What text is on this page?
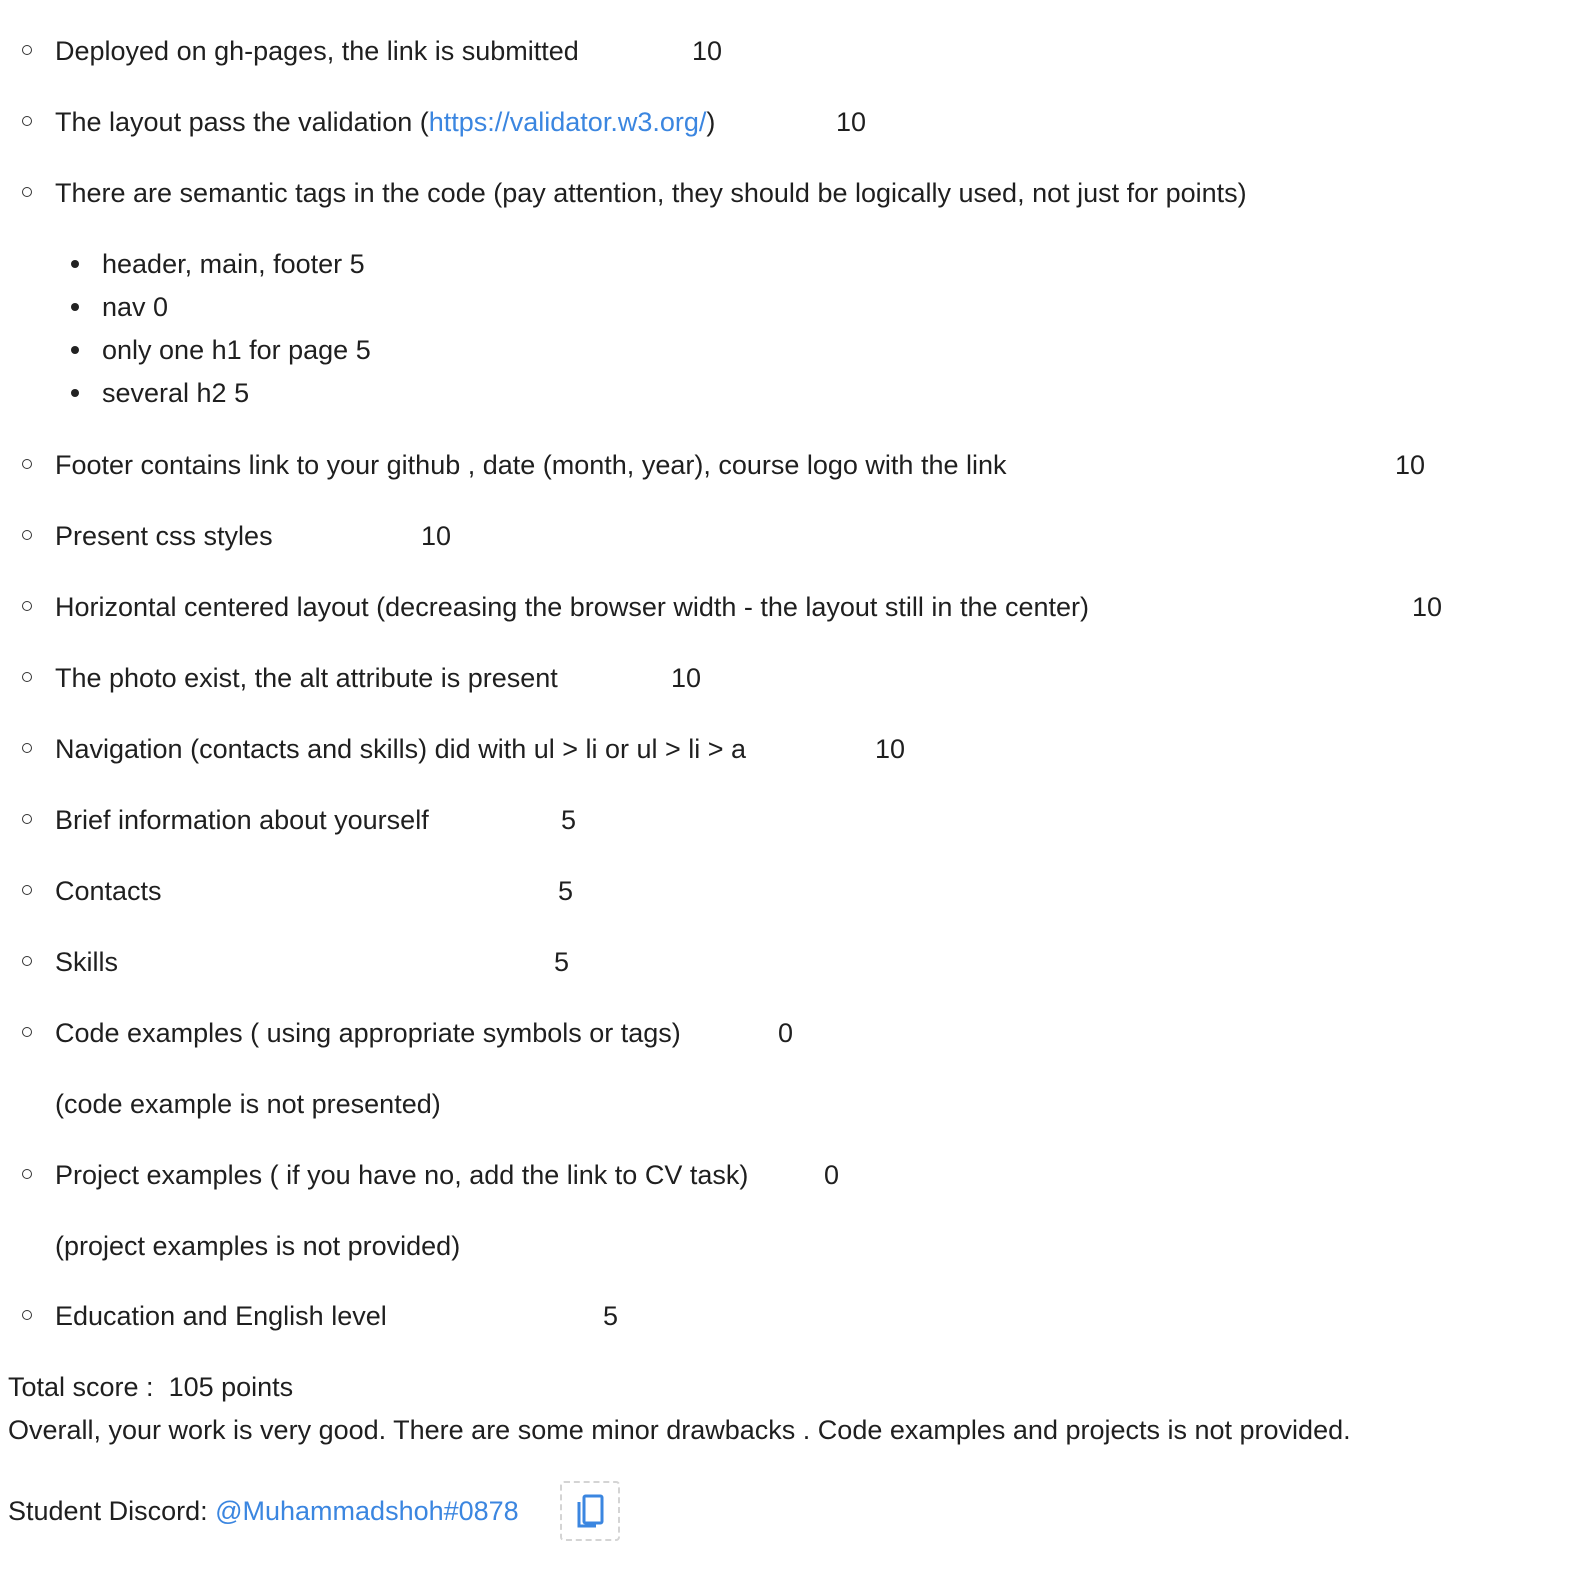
Deployed on gh-pages, the link is submitted	10
The layout pass the validation (https://validator.w3.org/)	10
There are semantic tags in the code (pay attention, they should be logically used, not just for points)
header, main, footer 5
nav 0
only one h1 for page 5
several h2 5
Footer contains link to your github , date (month, year), course logo with the link	10
Present css styles	10
Horizontal centered layout (decreasing the browser width - the layout still in the center)	10
The photo exist, the alt attribute is present	10
Navigation (contacts and skills) did with ul > li or ul > li > a	10
Brief information about yourself	5
Contacts	5
Skills	5
Code examples ( using appropriate symbols or tags)	0
(code example is not presented)
Project examples ( if you have no, add the link to CV task)	0
(project examples is not provided)
Education and English level	5
Total score :  105 points
Overall, your work is very good. There are some minor drawbacks . Code examples and projects is not provided.
Student Discord: @Muhammadshoh#0878
